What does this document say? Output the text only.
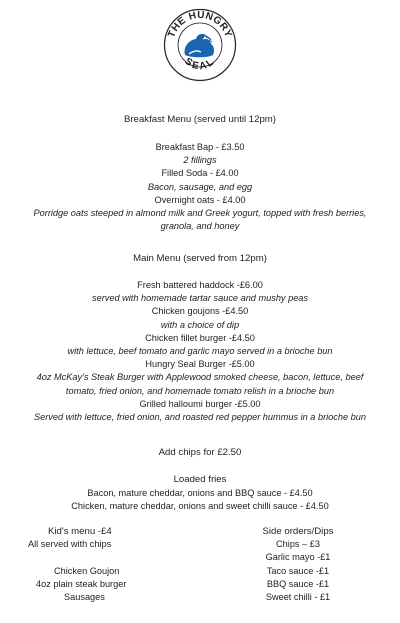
THE HUNGRY
SEAL
Breakfast Menu (served until 12pm)
Breakfast Bap - £3.50
2 fillings
Filled Soda - £4.00
Bacon, sausage, and egg
Overnight oats - £4.00
Porridge oats steeped in almond milk and Greek yogurt, topped with fresh berries,
granola, and honey
Main Menu (served from 12pm)
Fresh battered haddock -£6.00
served with homemade tartar sauce and mushy peas
Chicken goujons -£4.50
with a choice of dip
Chicken fillet burger -£4.50
with lettuce, beef tomato and garlic mayo served in a brioche bun
Hungry Seal Burger -£5.00
4oz McKay's Steak Burger with Applewood smoked cheese, bacon, lettuce, beef
tomato, fried onion, and homemade tomato relish in a brioche bun
Grilled halloumi burger -£5.00
Served with lettuce, fried onion, and roasted red pepper hummus in a brioche bun
Add chips for £2.50
Loaded fries
Bacon, mature cheddar, onions and BBQ sauce - £4.50
Chicken, mature cheddar, onions and sweet chilli sauce - £4.50
Kid's menu -£4
All served with chips
Chicken Goujon
4oz plain steak burger
Sausages
Side orders/Dips
Chips – £3
Garlic mayo -£1
Taco sauce -£1
BBQ sauce -£1
Sweet chilli - £1
